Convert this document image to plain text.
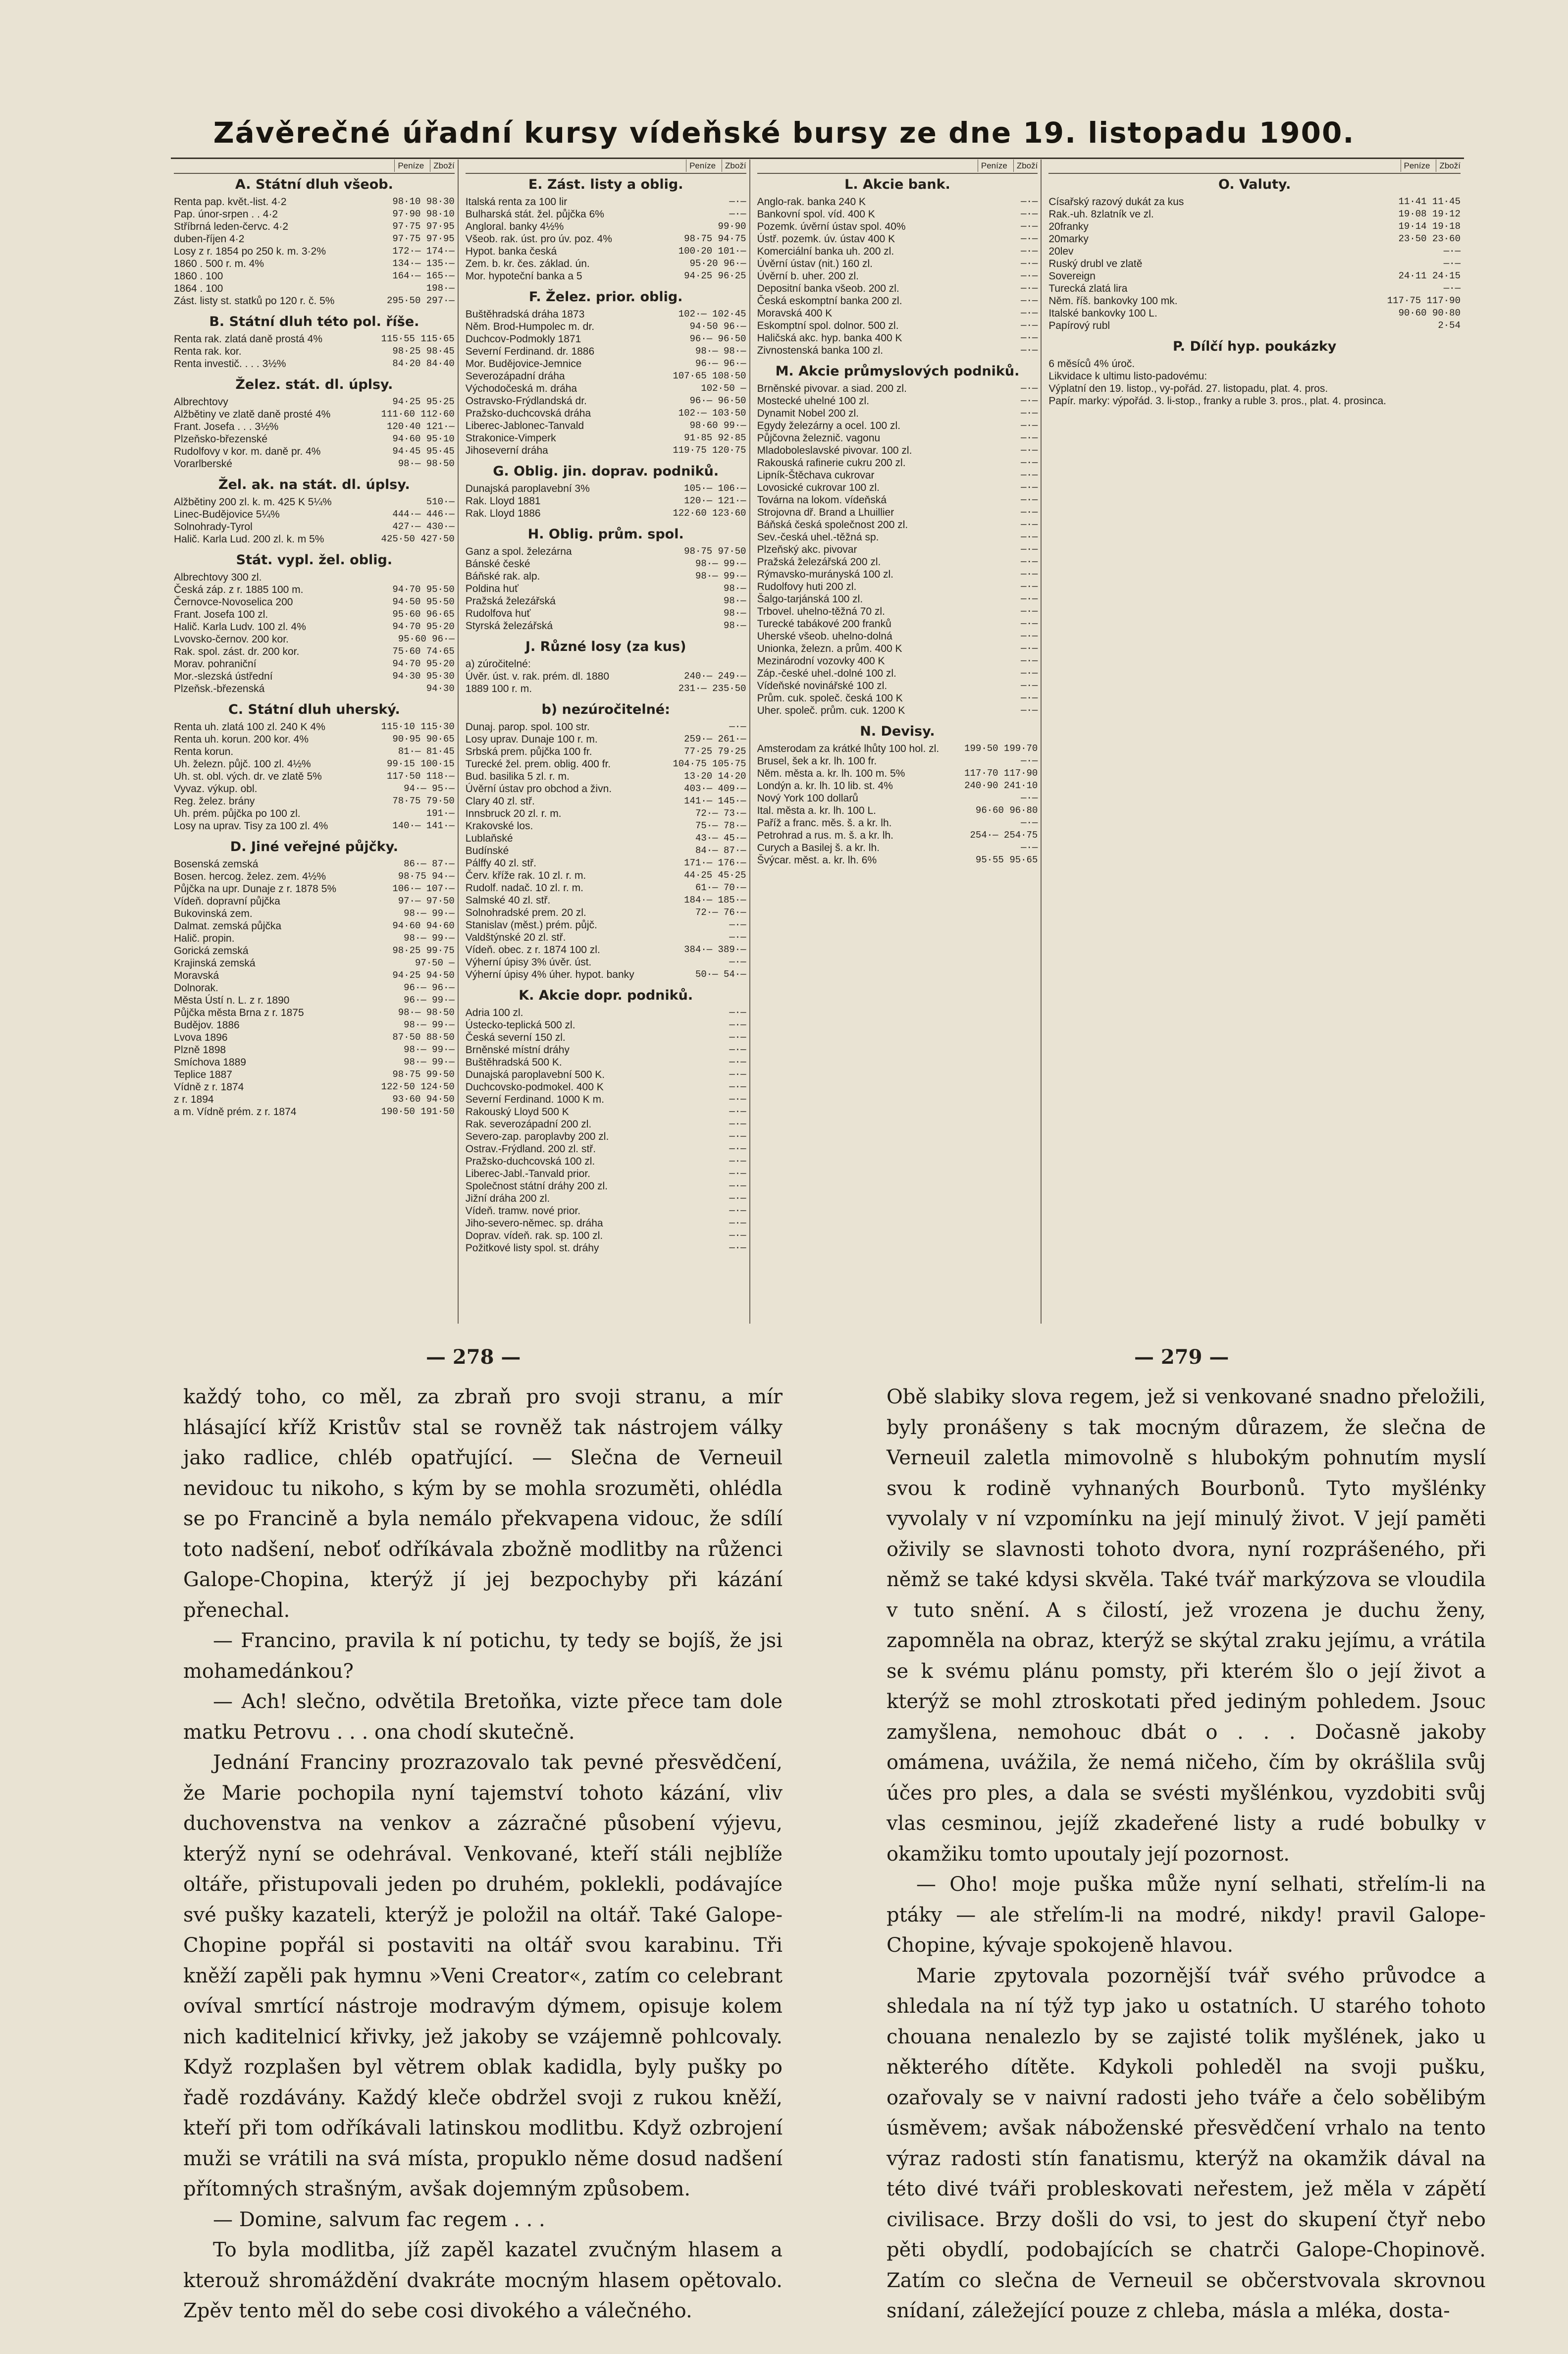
Závěrečné úřadní kursy vídeňské bursy ze dne 19. listopadu 1900.
Peníze	Zboží
A. Státní dluh všeob.
Renta pap. květ.-list. 4·2	98·10 98·30
Pap. únor-srpen . . 4·2	97·90 98·10
Stříbrná leden-červc. 4·2	97·75 97·95
duben-říjen 4·2	97·75 97·95
Losy z r. 1854 po 250 k. m. 3·2%	172·— 174·—
1860 . 500 r. m. 4%	134·— 135·—
1860 . 100	164·— 165·—
1864 . 100	198·—
Zást. listy st. statků po 120 r. č. 5%	295·50 297·—
B. Státní dluh této pol. říše.
Renta rak. zlatá daně prostá 4%	115·55 115·65
Renta rak. kor.	98·25 98·45
Renta investič. . . . 3½%	84·20 84·40
Želez. stát. dl. úplsy.
Albrechtovy	94·25 95·25
Alžbětiny ve zlatě daně prosté 4%	111·60 112·60
Frant. Josefa . . . 3½%	120·40 121·—
Plzeňsko-březenské	94·60 95·10
Rudolfovy v kor. m. daně pr. 4%	94·45 95·45
Vorarlberské	98·— 98·50
Žel. ak. na stát. dl. úplsy.
Alžbětiny 200 zl. k. m. 425 K 5¼%	510·—
Linec-Budějovice 5¼%	444·— 446·—
Solnohrady-Tyrol	427·— 430·—
Halič. Karla Lud. 200 zl. k. m 5%	425·50 427·50
Stát. vypl. žel. oblig.
Albrechtovy 300 zl.
Česká záp. z r. 1885 100 m.	94·70 95·50
Černovce-Novoselica 200	94·50 95·50
Frant. Josefa 100 zl.	95·60 96·65
Halič. Karla Ludv. 100 zl. 4%	94·70 95·20
Lvovsko-černov. 200 kor.	95·60 96·—
Rak. spol. zást. dr. 200 kor.	75·60 74·65
Morav. pohraniční	94·70 95·20
Mor.-slezská ústřední	94·30 95·30
Plzeňsk.-březenská	94·30
C. Státní dluh uherský.
Renta uh. zlatá 100 zl. 240 K 4%	115·10 115·30
Renta uh. korun. 200 kor. 4%	90·95 90·65
Renta korun.	81·— 81·45
Uh. železn. půjč. 100 zl. 4½%	99·15 100·15
Uh. st. obl. vých. dr. ve zlatě 5%	117·50 118·—
Vyvaz. výkup. obl.	94·— 95·—
Reg. želez. brány	78·75 79·50
Uh. prém. půjčka po 100 zl.	191·—
Losy na uprav. Tisy za 100 zl. 4%	140·— 141·—
D. Jiné veřejné půjčky.
Bosenská zemská	86·— 87·—
Bosen. hercog. želez. zem. 4½%	98·75 94·—
Půjčka na upr. Dunaje z r. 1878 5%	106·— 107·—
Vídeň. dopravní půjčka	97·— 97·50
Bukovinská zem.	98·— 99·—
Dalmat. zemská půjčka	94·60 94·60
Halič. propin.	98·— 99·—
Gorická zemská	98·25 99·75
Krajinská zemská	97·50 —
Moravská	94·25 94·50
Dolnorak.	96·— 96·—
Města Ústí n. L. z r. 1890	96·— 99·—
Půjčka města Brna z r. 1875	98·— 98·50
Budějov. 1886	98·— 99·—
Lvova 1896	87·50 88·50
Plzně 1898	98·— 99·—
Smíchova 1889	98·— 99·—
Teplice 1887	98·75 99·50
Vídně z r. 1874	122·50 124·50
z r. 1894	93·60 94·50
a m. Vídně prém. z r. 1874	190·50 191·50
Peníze	Zboží
E. Zást. listy a oblig.
Italská renta za 100 lir	—·—
Bulharská stát. žel. půjčka 6%	—·—
Angloral. banky 4½%	99·90
Všeob. rak. úst. pro úv. poz. 4%	98·75 94·75
Hypot. banka česká	100·20 101·—
Zem. b. kr. čes. základ. ún.	95·20 96·—
Mor. hypoteční banka a 5	94·25 96·25
F. Želez. prior. oblig.
Buštěhradská dráha 1873	102·— 102·45
Něm. Brod-Humpolec m. dr.	94·50 96·—
Duchcov-Podmokly 1871	96·— 96·50
Severní Ferdinand. dr. 1886	98·— 98·—
Mor. Budějovice-Jemnice	96·— 96·—
Severozápadní dráha	107·65 108·50
Východočeská m. dráha	102·50 —
Ostravsko-Frýdlandská dr.	96·— 96·50
Pražsko-duchcovská dráha	102·— 103·50
Liberec-Jablonec-Tanvald	98·60 99·—
Strakonice-Vimperk	91·85 92·85
Jihoseverní dráha	119·75 120·75
G. Oblig. jin. doprav. podniků.
Dunajská paroplavební 3%	105·— 106·—
Rak. Lloyd 1881	120·— 121·—
Rak. Lloyd 1886	122·60 123·60
H. Oblig. prům. spol.
Ganz a spol. železárna	98·75 97·50
Bánské české	98·— 99·—
Báňské rak. alp.	98·— 99·—
Poldina huť	98·—
Pražská železářská	98·—
Rudolfova huť	98·—
Styrská železářská	98·—
J. Různé losy (za kus)
a) zúročitelné:
Úvěr. úst. v. rak. prém. dl. 1880	240·— 249·—
1889 100 r. m.	231·— 235·50
b) nezúročitelné:
Dunaj. parop. spol. 100 str.	—·—
Losy uprav. Dunaje 100 r. m.	259·— 261·—
Srbská prem. půjčka 100 fr.	77·25 79·25
Turecké žel. prem. oblig. 400 fr.	104·75 105·75
Bud. basilika 5 zl. r. m.	13·20 14·20
Úvěrní ústav pro obchod a živn.	403·— 409·—
Clary 40 zl. stř.	141·— 145·—
Innsbruck 20 zl. r. m.	72·— 73·—
Krakovské los.	75·— 78·—
Lublaňské	43·— 45·—
Budínské	84·— 87·—
Pálffy 40 zl. stř.	171·— 176·—
Červ. kříže rak. 10 zl. r. m.	44·25 45·25
Rudolf. nadač. 10 zl. r. m.	61·— 70·—
Salmské 40 zl. stř.	184·— 185·—
Solnohradské prem. 20 zl.	72·— 76·—
Stanislav (měst.) prém. půjč.	—·—
Valdštýnské 20 zl. stř.	—·—
Vídeň. obec. z r. 1874 100 zl.	384·— 389·—
Výherní úpisy 3% úvěr. úst.	—·—
Výherní úpisy 4% úher. hypot. banky	50·— 54·—
K. Akcie dopr. podniků.
Adria 100 zl.	—·—
Ústecko-teplická 500 zl.	—·—
Česká severní 150 zl.	—·—
Brněnské místní dráhy	—·—
Buštěhradská 500 K.	—·—
Dunajská paroplavební 500 K.	—·—
Duchcovsko-podmokel. 400 K	—·—
Severní Ferdinand. 1000 K m.	—·—
Rakouský Lloyd 500 K	—·—
Rak. severozápadní 200 zl.	—·—
Severo-zap. paroplavby 200 zl.	—·—
Ostrav.-Frýdland. 200 zl. stř.	—·—
Pražsko-duchcovská 100 zl.	—·—
Liberec-Jabl.-Tanvald prior.	—·—
Společnost státní dráhy 200 zl.	—·—
Jižní dráha 200 zl.	—·—
Vídeň. tramw. nové prior.	—·—
Jiho-severo-němec. sp. dráha	—·—
Doprav. vídeň. rak. sp. 100 zl.	—·—
Požitkové listy spol. st. dráhy	—·—
Peníze	Zboží
L. Akcie bank.
Anglo-rak. banka 240 K	—·—
Bankovní spol. víd. 400 K	—·—
Pozemk. úvěrní ústav spol. 40%	—·—
Ústř. pozemk. úv. ústav 400 K	—·—
Komerciální banka uh. 200 zl.	—·—
Úvěrní ústav (nit.) 160 zl.	—·—
Úvěrní b. uher. 200 zl.	—·—
Depositní banka všeob. 200 zl.	—·—
Česká eskomptní banka 200 zl.	—·—
Moravská 400 K	—·—
Eskomptní spol. dolnor. 500 zl.	—·—
Haličská akc. hyp. banka 400 K	—·—
Zivnostenská banka 100 zl.	—·—
M. Akcie průmyslových podniků.
Brněnské pivovar. a siad. 200 zl.	—·—
Mostecké uhelné 100 zl.	—·—
Dynamit Nobel 200 zl.	—·—
Egydy železárny a ocel. 100 zl.	—·—
Půjčovna železnič. vagonu	—·—
Mladoboleslavské pivovar. 100 zl.	—·—
Rakouská rafinerie cukru 200 zl.	—·—
Lipník-Štěchava cukrovar	—·—
Lovosické cukrovar 100 zl.	—·—
Továrna na lokom. vídeňská	—·—
Strojovna dř. Brand a Lhuillier	—·—
Báňská česká společnost 200 zl.	—·—
Sev.-česká uhel.-těžná sp.	—·—
Plzeňský akc. pivovar	—·—
Pražská železářská 200 zl.	—·—
Rýmavsko-murányská 100 zl.	—·—
Rudolfovy huti 200 zl.	—·—
Šalgo-tarjánská 100 zl.	—·—
Trbovel. uhelno-těžná 70 zl.	—·—
Turecké tabákové 200 franků	—·—
Uherské všeob. uhelno-dolná	—·—
Unionka, železn. a prům. 400 K	—·—
Mezinárodní vozovky 400 K	—·—
Záp.-české uhel.-dolné 100 zl.	—·—
Vídeňské novinářské 100 zl.	—·—
Prům. cuk. společ. česká 100 K	—·—
Uher. společ. prům. cuk. 1200 K	—·—
N. Devisy.
Amsterodam za krátké lhůty 100 hol. zl.	199·50 199·70
Brusel, šek a kr. lh. 100 fr.	—·—
Něm. města a. kr. lh. 100 m. 5%	117·70 117·90
Londýn a. kr. lh. 10 lib. st. 4%	240·90 241·10
Nový York 100 dollarů	—·—
Ital. města a. kr. lh. 100 L.	96·60 96·80
Paříž a franc. měs. š. a kr. lh.	—·—
Petrohrad a rus. m. š. a kr. lh.	254·— 254·75
Curych a Basilej š. a kr. lh.	—·—
Švýcar. měst. a. kr. lh. 6%	95·55 95·65
Peníze	Zboží
O. Valuty.
Císařský razový dukát za kus	11·41 11·45
Rak.-uh. 8zlatník ve zl.	19·08 19·12
20franky	19·14 19·18
20marky	23·50 23·60
20lev	—·—
Ruský drubl ve zlatě	—·—
Sovereign	24·11 24·15
Turecká zlatá lira	—·—
Něm. říš. bankovky 100 mk.	117·75 117·90
Italské bankovky 100 L.	90·60 90·80
Papírový rubl	2·54
P. Dílčí hyp. poukázky
6 měsíců 4% úroč.
Likvidace k ultimu listo-padovému:
Výplatní den 19. listop., vy-pořád. 27. listopadu, plat. 4. pros.
Papír. marky: výpořád. 3. li-stop., franky a ruble 3. pros., plat. 4. prosinca.
— 278 —	— 279 —

každý toho, co měl, za zbraň pro svoji stranu, a mír hlásající kříž Kristův stal se rovněž tak nástrojem války jako radlice, chléb opatřující. — Slečna de Verneuil nevidouc tu nikoho, s kým by se mohla srozuměti, ohlédla se po Francině a byla nemálo překvapena vidouc, že sdílí toto nadšení, neboť odříkávala zbožně modlitby na růženci Galope-Chopina, kterýž jí jej bezpochyby při kázání přenechal.

— Francino, pravila k ní potichu, ty tedy se bojíš, že jsi mohamedánkou?

— Ach! slečno, odvětila Bretoňka, vizte přece tam dole matku Petrovu . . . ona chodí skutečně.

Jednání Franciny prozrazovalo tak pevné přesvědčení, že Marie pochopila nyní tajemství tohoto kázání, vliv duchovenstva na venkov a zázračné působení výjevu, kterýž nyní se odehrával. Venkované, kteří stáli nejblíže oltáře, přistupovali jeden po druhém, poklekli, podávajíce své pušky kazateli, kterýž je položil na oltář. Také Galope-Chopine popřál si postaviti na oltář svou karabinu. Tři kněží zapěli pak hymnu »Veni Creator«, zatím co celebrant ovíval smrtící nástroje modravým dýmem, opisuje kolem nich kaditelnicí křivky, jež jakoby se vzájemně pohlcovaly. Když rozplašen byl větrem oblak kadidla, byly pušky po řadě rozdávány. Každý kleče obdržel svoji z rukou kněží, kteří při tom odříkávali latinskou modlitbu. Když ozbrojení muži se vrátili na svá místa, propuklo něme dosud nadšení přítomných strašným, avšak dojemným způsobem.

— Domine, salvum fac regem . . .

To byla modlitba, jíž zapěl kazatel zvučným hlasem a kterouž shromáždění dvakráte mocným hlasem opětovalo. Zpěv tento měl do sebe cosi divokého a válečného.

Obě slabiky slova regem, jež si venkované snadno přeložili, byly pronášeny s tak mocným důrazem, že slečna de Verneuil zaletla mimovolně s hlubokým pohnutím myslí svou k rodině vyhnaných Bourbonů. Tyto myšlénky vyvolaly v ní vzpomínku na její minulý život. V její paměti oživily se slavnosti tohoto dvora, nyní rozprášeného, při němž se také kdysi skvěla. Také tvář markýzova se vloudila v tuto snění. A s čilostí, jež vrozena je duchu ženy, zapomněla na obraz, kterýž se skýtal zraku jejímu, a vrátila se k svému plánu pomsty, při kterém šlo o její život a kterýž se mohl ztroskotati před jediným pohledem. Jsouc zamyšlena, nemohouc dbát o . . . Dočasně jakoby omámena, uvážila, že nemá ničeho, čím by okrášlila svůj účes pro ples, a dala se svésti myšlénkou, vyzdobiti svůj vlas cesminou, jejíž zkadeřené listy a rudé bobulky v okamžiku tomto upoutaly její pozornost.

— Oho! moje puška může nyní selhati, střelím-li na ptáky — ale střelím-li na modré, nikdy! pravil Galope-Chopine, kývaje spokojeně hlavou.

Marie zpytovala pozornější tvář svého průvodce a shledala na ní týž typ jako u ostatních. U starého tohoto chouana nenalezlo by se zajisté tolik myšlének, jako u některého dítěte. Kdykoli pohleděl na svoji pušku, ozařovaly se v naivní radosti jeho tváře a čelo sobělibým úsměvem; avšak náboženské přesvědčení vrhalo na tento výraz radosti stín fanatismu, kterýž na okamžik dával na této divé tváři probleskovati neřestem, jež měla v zápětí civilisace. Brzy došli do vsi, to jest do skupení čtyř nebo pěti obydlí, podobajících se chatrči Galope-Chopinově. Zatím co slečna de Verneuil se občerstvovala skrovnou snídaní, záležející pouze z chleba, másla a mléka, dosta-
